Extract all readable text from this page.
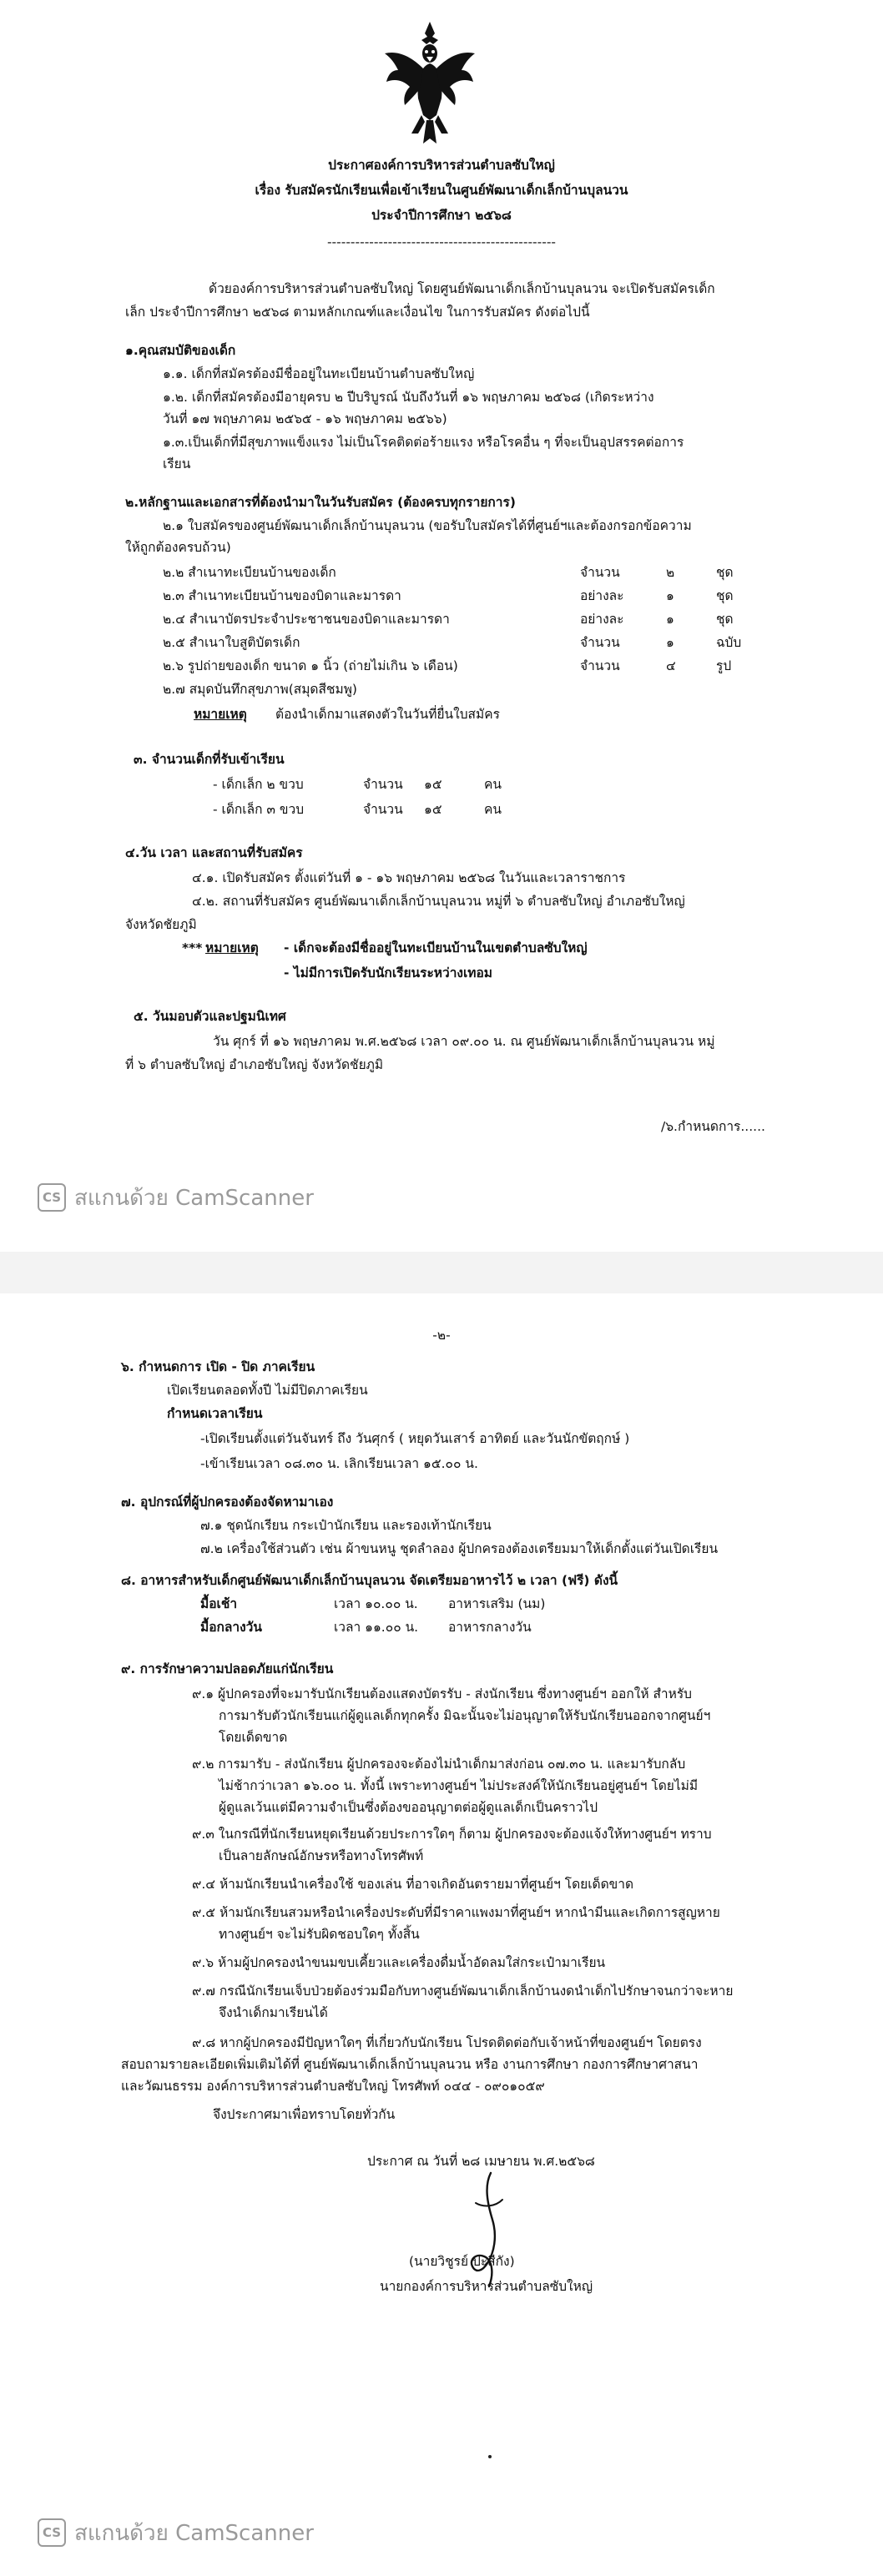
ประกาศองค์การบริหารส่วนตำบลซับใหญ่
เรื่อง รับสมัครนักเรียนเพื่อเข้าเรียนในศูนย์พัฒนาเด็กเล็กบ้านบุลนวน
ประจำปีการศึกษา ๒๕๖๘
-------------------------------------------------
ด้วยองค์การบริหารส่วนตำบลซับใหญ่ โดยศูนย์พัฒนาเด็กเล็กบ้านบุลนวน จะเปิดรับสมัครเด็ก
เล็ก ประจำปีการศึกษา ๒๕๖๘ ตามหลักเกณฑ์และเงื่อนไข ในการรับสมัคร ดังต่อไปนี้
๑.คุณสมบัติของเด็ก
๑.๑. เด็กที่สมัครต้องมีชื่ออยู่ในทะเบียนบ้านตำบลซับใหญ่
๑.๒. เด็กที่สมัครต้องมีอายุครบ ๒ ปีบริบูรณ์ นับถึงวันที่ ๑๖ พฤษภาคม ๒๕๖๘ (เกิดระหว่าง
วันที่ ๑๗ พฤษภาคม ๒๕๖๕ - ๑๖ พฤษภาคม ๒๕๖๖)
๑.๓.เป็นเด็กที่มีสุขภาพแข็งแรง ไม่เป็นโรคติดต่อร้ายแรง หรือโรคอื่น ๆ ที่จะเป็นอุปสรรคต่อการ
เรียน
๒.หลักฐานและเอกสารที่ต้องนำมาในวันรับสมัคร (ต้องครบทุกรายการ)
๒.๑ ใบสมัครของศูนย์พัฒนาเด็กเล็กบ้านบุลนวน (ขอรับใบสมัครได้ที่ศูนย์ฯและต้องกรอกข้อความ
ให้ถูกต้องครบถ้วน)
๒.๒ สำเนาทะเบียนบ้านของเด็ก	จำนวน	๒	ชุด
๒.๓ สำเนาทะเบียนบ้านของบิดาและมารดา	อย่างละ	๑	ชุด
๒.๔ สำเนาบัตรประจำประชาชนของบิดาและมารดา	อย่างละ	๑	ชุด
๒.๕ สำเนาใบสูติบัตรเด็ก	จำนวน	๑	ฉบับ
๒.๖ รูปถ่ายของเด็ก ขนาด ๑ นิ้ว (ถ่ายไม่เกิน ๖ เดือน)	จำนวน	๔	รูป
๒.๗ สมุดบันทึกสุขภาพ(สมุดสีชมพู)
หมายเหตุ ต้องนำเด็กมาแสดงตัวในวันที่ยื่นใบสมัคร
๓. จำนวนเด็กที่รับเข้าเรียน
- เด็กเล็ก ๒ ขวบ	จำนวน ๑๕	คน
- เด็กเล็ก ๓ ขวบ	จำนวน ๑๕	คน
๔.วัน เวลา และสถานที่รับสมัคร
๔.๑. เปิดรับสมัคร ตั้งแต่วันที่ ๑ - ๑๖ พฤษภาคม ๒๕๖๘ ในวันและเวลาราชการ
๔.๒. สถานที่รับสมัคร ศูนย์พัฒนาเด็กเล็กบ้านบุลนวน หมู่ที่ ๖ ตำบลซับใหญ่ อำเภอซับใหญ่
จังหวัดชัยภูมิ
*** หมายเหตุ - เด็กจะต้องมีชื่ออยู่ในทะเบียนบ้านในเขตตำบลซับใหญ่
- ไม่มีการเปิดรับนักเรียนระหว่างเทอม
๕. วันมอบตัวและปฐมนิเทศ
วัน ศุกร์ ที่ ๑๖ พฤษภาคม พ.ศ.๒๕๖๘ เวลา ๐๙.๐๐ น. ณ ศูนย์พัฒนาเด็กเล็กบ้านบุลนวน หมู่
ที่ ๖ ตำบลซับใหญ่ อำเภอซับใหญ่ จังหวัดชัยภูมิ
/๖.กำหนดการ......
CS สแกนด้วย CamScanner
-๒-
๖. กำหนดการ เปิด - ปิด ภาคเรียน
เปิดเรียนตลอดทั้งปี ไม่มีปิดภาคเรียน
กำหนดเวลาเรียน
-เปิดเรียนตั้งแต่วันจันทร์ ถึง วันศุกร์ ( หยุดวันเสาร์ อาทิตย์ และวันนักขัตฤกษ์ )
-เข้าเรียนเวลา ๐๘.๓๐ น. เลิกเรียนเวลา ๑๕.๐๐ น.
๗. อุปกรณ์ที่ผู้ปกครองต้องจัดหามาเอง
๗.๑ ชุดนักเรียน กระเป๋านักเรียน และรองเท้านักเรียน
๗.๒ เครื่องใช้ส่วนตัว เช่น ผ้าขนหนู ชุดลำลอง ผู้ปกครองต้องเตรียมมาให้เด็กตั้งแต่วันเปิดเรียน
๘. อาหารสำหรับเด็กศูนย์พัฒนาเด็กเล็กบ้านบุลนวน จัดเตรียมอาหารไว้ ๒ เวลา (ฟรี) ดังนี้
มื้อเช้า	เวลา ๑๐.๐๐ น. อาหารเสริม (นม)
มื้อกลางวัน	เวลา ๑๑.๐๐ น. อาหารกลางวัน
๙. การรักษาความปลอดภัยแก่นักเรียน
๙.๑ ผู้ปกครองที่จะมารับนักเรียนต้องแสดงบัตรรับ - ส่งนักเรียน ซึ่งทางศูนย์ฯ ออกให้ สำหรับ
การมารับตัวนักเรียนแก่ผู้ดูแลเด็กทุกครั้ง มิฉะนั้นจะไม่อนุญาตให้รับนักเรียนออกจากศูนย์ฯ
โดยเด็ดขาด
๙.๒ การมารับ - ส่งนักเรียน ผู้ปกครองจะต้องไม่นำเด็กมาส่งก่อน ๐๗.๓๐ น. และมารับกลับ
ไม่ช้ากว่าเวลา ๑๖.๐๐ น. ทั้งนี้ เพราะทางศูนย์ฯ ไม่ประสงค์ให้นักเรียนอยู่ศูนย์ฯ โดยไม่มี
ผู้ดูแลเว้นแต่มีความจำเป็นซึ่งต้องขออนุญาตต่อผู้ดูแลเด็กเป็นคราวไป
๙.๓ ในกรณีที่นักเรียนหยุดเรียนด้วยประการใดๆ ก็ตาม ผู้ปกครองจะต้องแจ้งให้ทางศูนย์ฯ ทราบ
เป็นลายลักษณ์อักษรหรือทางโทรศัพท์
๙.๔ ห้ามนักเรียนนำเครื่องใช้ ของเล่น ที่อาจเกิดอันตรายมาที่ศูนย์ฯ โดยเด็ดขาด
๙.๕ ห้ามนักเรียนสวมหรือนำเครื่องประดับที่มีราคาแพงมาที่ศูนย์ฯ หากนำมีนและเกิดการสูญหาย
ทางศูนย์ฯ จะไม่รับผิดชอบใดๆ ทั้งสิ้น
๙.๖ ห้ามผู้ปกครองนำขนมขบเคี้ยวและเครื่องดื่มน้ำอัดลมใส่กระเป๋ามาเรียน
๙.๗ กรณีนักเรียนเจ็บป่วยต้องร่วมมือกับทางศูนย์พัฒนาเด็กเล็กบ้านงดนำเด็กไปรักษาจนกว่าจะหาย
จึงนำเด็กมาเรียนได้
๙.๘ หากผู้ปกครองมีปัญหาใดๆ ที่เกี่ยวกับนักเรียน โปรดติดต่อกับเจ้าหน้าที่ของศูนย์ฯ โดยตรง
สอบถามรายละเอียดเพิ่มเติมได้ที่ ศูนย์พัฒนาเด็กเล็กบ้านบุลนวน หรือ งานการศึกษา กองการศึกษาศาสนา
และวัฒนธรรม องค์การบริหารส่วนตำบลซับใหญ่ โทรศัพท์ ๐๔๔ - ๐๙๐๑๐๕๙
จึงประกาศมาเพื่อทราบโดยทั่วกัน
ประกาศ ณ วันที่ ๒๘ เมษายน พ.ศ.๒๕๖๘
(นายวิชูรย์ ปะสีกัง)
นายกองค์การบริหารส่วนตำบลซับใหญ่
CS สแกนด้วย CamScanner
